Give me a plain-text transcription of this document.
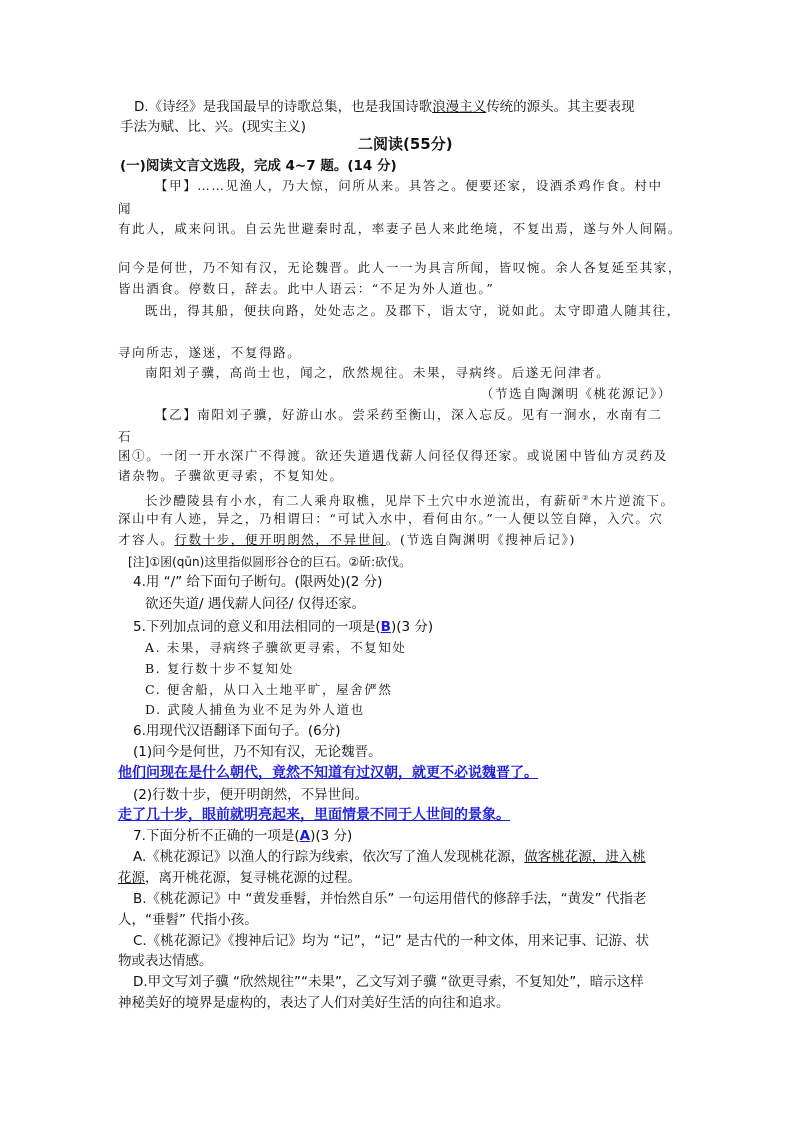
D.《诗经》是我国最早的诗歌总集，也是我国诗歌浪漫主义传统的源头。其主要表现
手法为赋、比、兴。(现实主义)
二阅读(55分)
(一)阅读文言文选段，完成 4~7 题。(14 分)
【甲】……见渔人，乃大惊，问所从来。具答之。便要还家，设酒杀鸡作食。村中
闻
有此人，咸来问讯。自云先世避秦时乱，率妻子邑人来此绝境，不复出焉，遂与外人间隔。
问今是何世，乃不知有汉，无论魏晋。此人一一为具言所闻，皆叹惋。余人各复延至其家，
皆出酒食。停数日，辞去。此中人语云：“不足为外人道也。”
既出，得其船，便扶向路，处处志之。及郡下，诣太守，说如此。太守即遣人随其往，
寻向所志，遂迷，不复得路。
南阳刘子骥，高尚士也，闻之，欣然规往。未果，寻病终。后遂无问津者。
（节选自陶渊明《桃花源记》）
【乙】南阳刘子骥，好游山水。尝采药至衡山，深入忘反。见有一涧水，水南有二
石
囷①。一闭一开水深广不得渡。欲还失道遇伐薪人问径仅得还家。或说囷中皆仙方灵药及
诸杂物。子骥欲更寻索，不复知处。
长沙醴陵县有小水，有二人乘舟取樵，见岸下土穴中水逆流出，有薪斫②木片逆流下。
深山中有人迹，异之，乃相谓曰：“可试入水中，看何由尔。”一人便以笠自障，入穴。穴
才容人。行数十步，便开明朗然，不异世间。(节选自陶渊明《搜神后记》)
[注]①囷(qūn)这里指似圆形谷仓的巨石。②斫:砍伐。
4.用 “/” 给下面句子断句。(限两处)(2 分)
欲还失道/ 遇伐薪人问径/ 仅得还家。
5.下列加点词的意义和用法相同的一项是(B)(3 分)
A. 未果，寻病终子骥欲更寻索，不复知处
B. 复行数十步不复知处
C. 便舍船，从口入土地平旷，屋舍俨然
D. 武陵人捕鱼为业不足为外人道也
6.用现代汉语翻译下面句子。(6分)
(1)问今是何世，乃不知有汉，无论魏晋。
他们问现在是什么朝代，竟然不知道有过汉朝，就更不必说魏晋了。
(2)行数十步，便开明朗然，不异世间。
走了几十步，眼前就明亮起来，里面情景不同于人世间的景象。
7.下面分析不正确的一项是(A)(3 分)
A.《桃花源记》以渔人的行踪为线索，依次写了渔人发现桃花源，做客桃花源，进入桃
花源，离开桃花源，复寻桃花源的过程。
B.《桃花源记》中 “黄发垂髫，并怡然自乐” 一句运用借代的修辞手法，“黄发” 代指老
人，“垂髫” 代指小孩。
C.《桃花源记》《搜神后记》均为 “记”，“记” 是古代的一种文体，用来记事、记游、状
物或表达情感。
D.甲文写刘子骥 “欣然规往”“未果”，乙文写刘子骥 “欲更寻索，不复知处”，暗示这样
神秘美好的境界是虚构的，表达了人们对美好生活的向往和追求。
